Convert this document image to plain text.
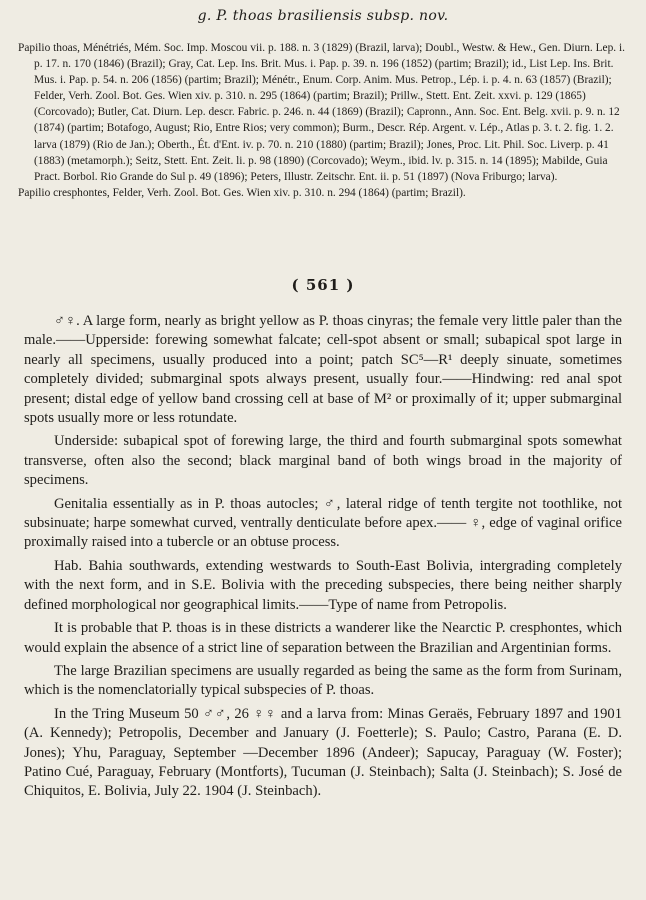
g. P. thoas brasiliensis subsp. nov.

Papilio thoas, Ménétriés, Mém. Soc. Imp. Moscou vii. p. 188. n. 3 (1829) (Brazil, larva); Doubl., Westw. & Hew., Gen. Diurn. Lep. i. p. 17. n. 170 (1846) (Brazil); Gray, Cat. Lep. Ins. Brit. Mus. i. Pap. p. 39. n. 196 (1852) (partim; Brazil); id., List Lep. Ins. Brit. Mus. i. Pap. p. 54. n. 206 (1856) (partim; Brazil); Ménétr., Enum. Corp. Anim. Mus. Petrop., Lép. i. p. 4. n. 63 (1857) (Brazil); Felder, Verh. Zool. Bot. Ges. Wien xiv. p. 310. n. 295 (1864) (partim; Brazil); Prillw., Stett. Ent. Zeit. xxvi. p. 129 (1865) (Corcovado); Butler, Cat. Diurn. Lep. descr. Fabric. p. 246. n. 44 (1869) (Brazil); Capronn., Ann. Soc. Ent. Belg. xvii. p. 9. n. 12 (1874) (partim; Botafogo, August; Rio, Entre Rios; very common); Burm., Descr. Rép. Argent. v. Lép., Atlas p. 3. t. 2. fig. 1. 2. larva (1879) (Rio de Jan.); Oberth., Ét. d'Ent. iv. p. 70. n. 210 (1880) (partim; Brazil); Jones, Proc. Lit. Phil. Soc. Liverp. p. 41 (1883) (metamorph.); Seitz, Stett. Ent. Zeit. li. p. 98 (1890) (Corcovado); Weym., ibid. lv. p. 315. n. 14 (1895); Mabilde, Guia Pract. Borbol. Rio Grande do Sul p. 49 (1896); Peters, Illustr. Zeitschr. Ent. ii. p. 51 (1897) (Nova Friburgo; larva).

Papilio cresphontes, Felder, Verh. Zool. Bot. Ges. Wien xiv. p. 310. n. 294 (1864) (partim; Brazil).

( 561 )

♂♀. A large form, nearly as bright yellow as P. thoas cinyras; the female very little paler than the male.——Upperside: forewing somewhat falcate; cell-spot absent or small; subapical spot large in nearly all specimens, usually produced into a point; patch SC⁵—R¹ deeply sinuate, sometimes completely divided; submarginal spots always present, usually four.——Hindwing: red anal spot present; distal edge of yellow band crossing cell at base of M² or proximally of it; upper submarginal spots usually more or less rotundate.

Underside: subapical spot of forewing large, the third and fourth submarginal spots somewhat transverse, often also the second; black marginal band of both wings broad in the majority of specimens.

Genitalia essentially as in P. thoas autocles; ♂, lateral ridge of tenth tergite not toothlike, not subsinuate; harpe somewhat curved, ventrally denticulate before apex.—— ♀, edge of vaginal orifice proximally raised into a tubercle or an obtuse process.

Hab. Bahia southwards, extending westwards to South-East Bolivia, intergrading completely with the next form, and in S.E. Bolivia with the preceding subspecies, there being neither sharply defined morphological nor geographical limits.——Type of name from Petropolis.

It is probable that P. thoas is in these districts a wanderer like the Nearctic P. cresphontes, which would explain the absence of a strict line of separation between the Brazilian and Argentinian forms.

The large Brazilian specimens are usually regarded as being the same as the form from Surinam, which is the nomenclatorially typical subspecies of P. thoas.

In the Tring Museum 50 ♂♂, 26 ♀♀ and a larva from: Minas Geraës, February 1897 and 1901 (A. Kennedy); Petropolis, December and January (J. Foetterle); S. Paulo; Castro, Parana (E. D. Jones); Yhu, Paraguay, September —December 1896 (Andeer); Sapucay, Paraguay (W. Foster); Patino Cué, Paraguay, February (Montforts), Tucuman (J. Steinbach); Salta (J. Steinbach); S. José de Chiquitos, E. Bolivia, July 22. 1904 (J. Steinbach).
